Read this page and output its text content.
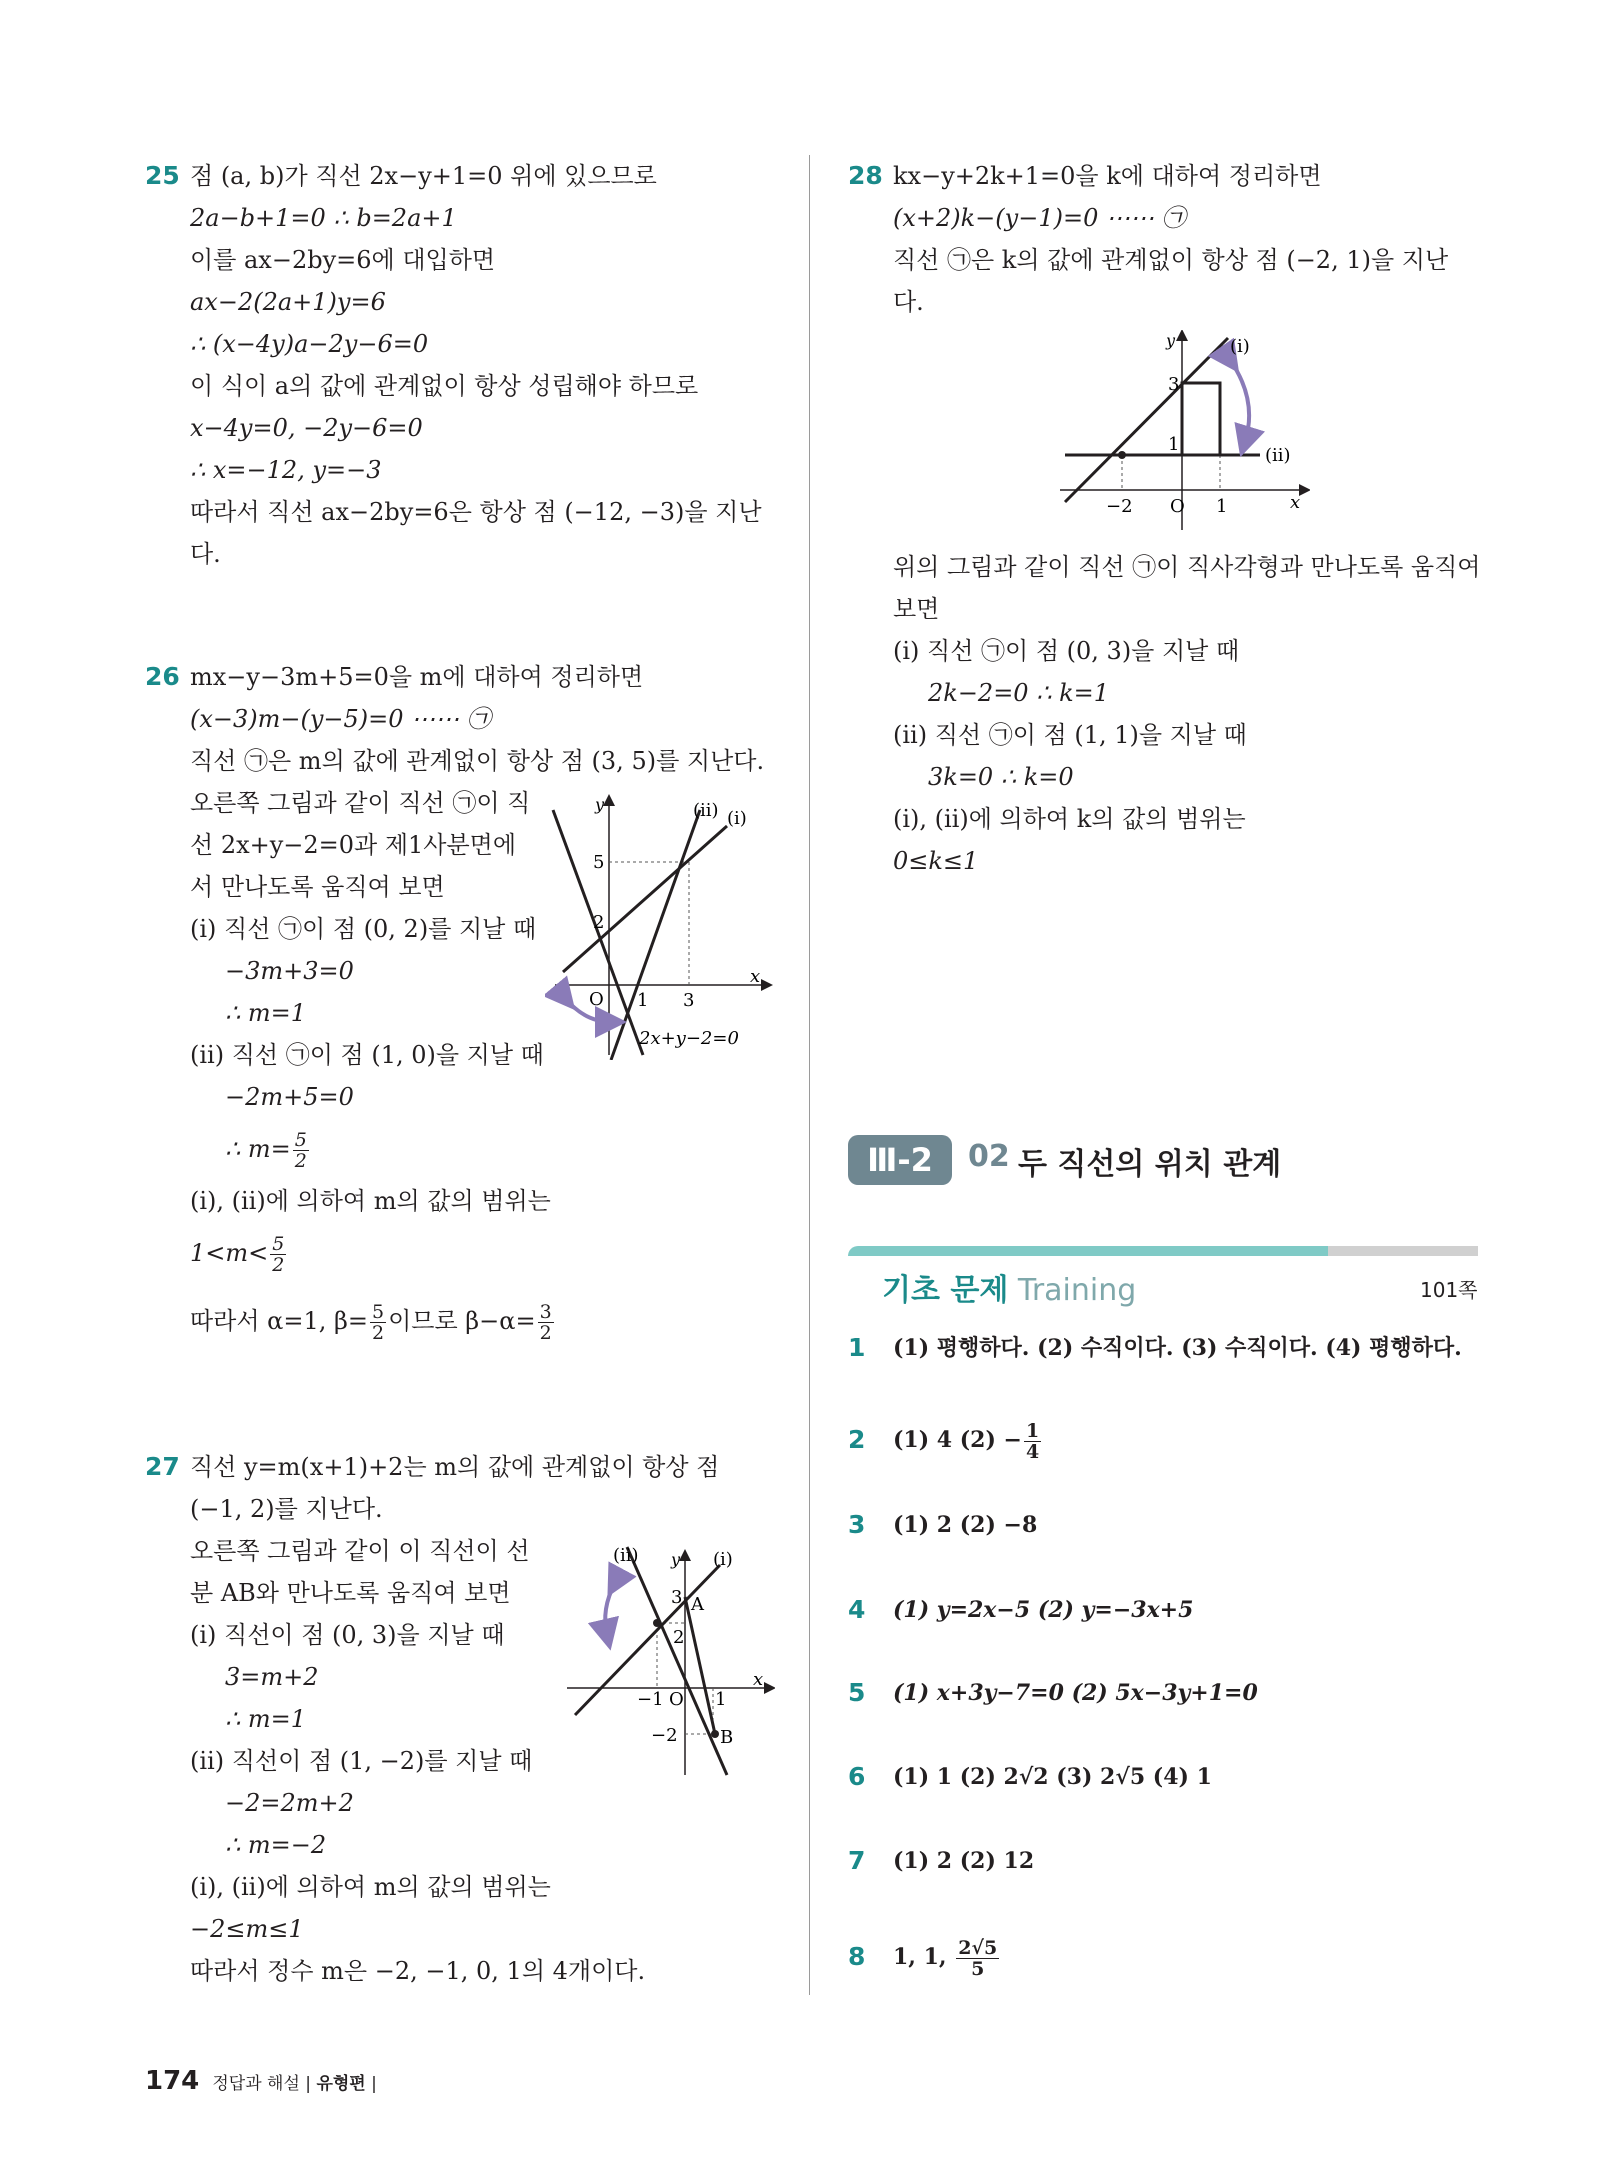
25 점 (a, b)가 직선 2x−y+1=0 위에 있으므로
2a−b+1=0 ∴ b=2a+1
이를 ax−2by=6에 대입하면
ax−2(2a+1)y=6
∴ (x−4y)a−2y−6=0
이 식이 a의 값에 관계없이 항상 성립해야 하므로
x−4y=0, −2y−6=0
∴ x=−12, y=−3
따라서 직선 ax−2by=6은 항상 점 (−12, −3)을 지난
다.
26 mx−y−3m+5=0을 m에 대하여 정리하면
(x−3)m−(y−5)=0 ⋯⋯ ㉠
직선 ㉠은 m의 값에 관계없이 항상 점 (3, 5)를 지난다.
오른쪽 그림과 같이 직선 ㉠이 직
선 2x+y−2=0과 제1사분면에
서 만나도록 움직여 보면
(ⅰ) 직선 ㉠이 점 (0, 2)를 지날 때
−3m+3=0
∴ m=1
(ⅱ) 직선 ㉠이 점 (1, 0)을 지날 때
−2m+5=0
∴ $m= \frac{5}{2}$
(ⅰ), (ⅱ)에 의하여 m의 값의 범위는
$1<m< \frac{5}{2}$
따라서 α=1, $\beta= \frac{5}{2}$ 이므로 $\beta-\alpha= \frac{3}{2}$
y
x
O
5
2
1 3
(ⅰ)
(ⅱ)
2x+y−2=0
27 직선 y=m(x+1)+2는 m의 값에 관계없이 항상 점
(−1, 2)를 지난다.
오른쪽 그림과 같이 이 직선이 선
분 AB와 만나도록 움직여 보면
(ⅰ) 직선이 점 (0, 3)을 지날 때
3=m+2
∴ m=1
(ⅱ) 직선이 점 (1, −2)를 지날 때
−2=2m+2
∴ m=−2
(ⅰ), (ⅱ)에 의하여 m의 값의 범위는
−2≤m≤1
따라서 정수 m은 −2, −1, 0, 1의 4개이다.
y
x
O
3
2
−1	1
−2
A
B
(ⅰ)
(ⅱ)
28 kx−y+2k+1=0을 k에 대하여 정리하면
(x+2)k−(y−1)=0 ⋯⋯ ㉠
직선 ㉠은 k의 값에 관계없이 항상 점 (−2, 1)을 지난
다.
y
x
O
3
1
−2	1
(ⅰ)
(ⅱ)
위의 그림과 같이 직선 ㉠이 직사각형과 만나도록 움직여
보면
(ⅰ) 직선 ㉠이 점 (0, 3)을 지날 때
2k−2=0 ∴ k=1
(ⅱ) 직선 ㉠이 점 (1, 1)을 지날 때
3k=0 ∴ k=0
(ⅰ), (ⅱ)에 의하여 k의 값의 범위는
0≤k≤1
Ⅲ-2	02 두 직선의 위치 관계
기초 문제 Training	101쪽
1 (1) 평행하다. (2) 수직이다. (3) 수직이다. (4) 평행하다.
2 (1) 4 $(2) - \frac{1}{4}$
3 (1) 2 (2) −8
4 (1) y=2x−5 (2) y=−3x+5
5 (1) x+3y−7=0 (2) 5x−3y+1=0
6 (1) 1 (2) 2√2 (3) 2√5 (4) 1
7 (1) 2 (2) 12
8 1, 1, $\frac{2√5}{5}$
174 정답과 해설 | 유형편 |
